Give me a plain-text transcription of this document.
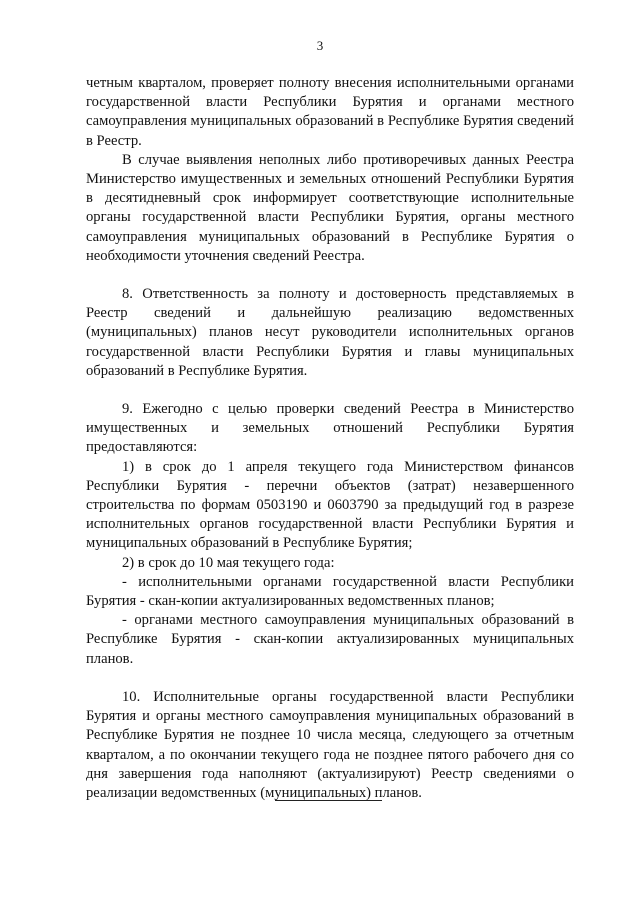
3

четным кварталом, проверяет полноту внесения исполнительными органами государственной власти Республики Бурятия и органами местного самоуправления муниципальных образований в Республике Бурятия сведений в Реестр.

В случае выявления неполных либо противоречивых данных Реестра Министерство имущественных и земельных отношений Республики Бурятия в десятидневный срок информирует соответствующие исполнительные органы государственной власти Республики Бурятия, органы местного самоуправления муниципальных образований в Республике Бурятия о необходимости уточнения сведений Реестра.

8. Ответственность за полноту и достоверность представляемых в Реестр сведений и дальнейшую реализацию ведомственных (муниципальных) планов несут руководители исполнительных органов государственной власти Республики Бурятия и главы муниципальных образований в Республике Бурятия.

9. Ежегодно с целью проверки сведений Реестра в Министерство имущественных и земельных отношений Республики Бурятия предоставляются:

1) в срок до 1 апреля текущего года Министерством финансов Республики Бурятия - перечни объектов (затрат) незавершенного строительства по формам 0503190 и 0603790 за предыдущий год в разрезе исполнительных органов государственной власти Республики Бурятия и муниципальных образований в Республике Бурятия;

2) в срок до 10 мая текущего года:

- исполнительными органами государственной власти Республики Бурятия - скан-копии актуализированных ведомственных планов;

- органами местного самоуправления муниципальных образований в Республике Бурятия - скан-копии актуализированных муниципальных планов.

10. Исполнительные органы государственной власти Республики Бурятия и органы местного самоуправления муниципальных образований в Республике Бурятия не позднее 10 числа месяца, следующего за отчетным кварталом, а по окончании текущего года не позднее пятого рабочего дня со дня завершения года наполняют (актуализируют) Реестр сведениями о реализации ведомственных (муниципальных) планов.
